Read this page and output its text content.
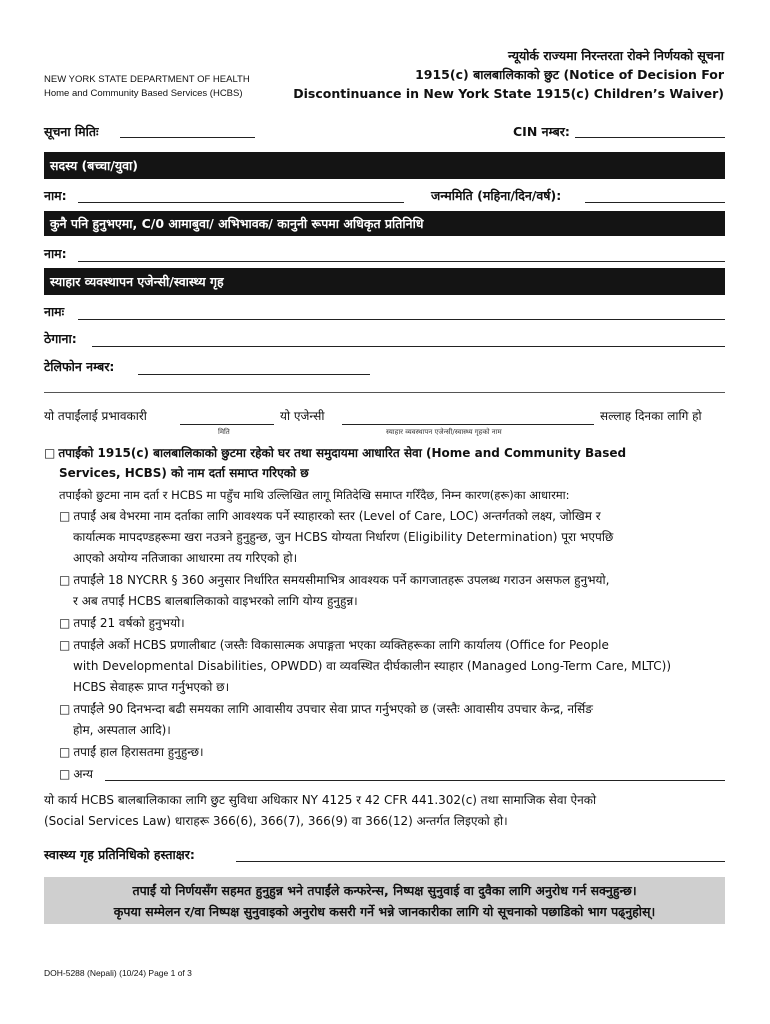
NEW YORK STATE DEPARTMENT OF HEALTH
Home and Community Based Services (HCBS)
न्यूयोर्क राज्यमा निरन्तरता रोक्ने निर्णयको सूचना
1915(c) बालबालिकाको छुट (Notice of Decision For
Discontinuance in New York State 1915(c) Children’s Waiver)
सूचना मितिः	CIN नम्बर:
सदस्य (बच्चा/युवा)
नाम:	जन्ममिति (महिना/दिन/वर्ष):
कुनै पनि हुनुभएमा, C/0 आमाबुवा/ अभिभावक/ कानुनी रूपमा अधिकृत प्रतिनिधि
नाम:
स्याहार व्यवस्थापन एजेन्सी/स्वास्थ्य गृह
नामः
ठेगाना:
टेलिफोन नम्बर:
यो तपाईंलाई प्रभावकारी	यो एजेन्सी	सल्लाह दिनका लागि हो
मिति	स्याहार व्यवस्थापन एजेन्सी/स्वास्थ्य गृहको नाम
□ तपाईंको 1915(c) बालबालिकाको छुटमा रहेको घर तथा समुदायमा आधारित सेवा (Home and Community Based
Services, HCBS) को नाम दर्ता समाप्त गरिएको छ
तपाईंको छुटमा नाम दर्ता र HCBS मा पहुँच माथि उल्लिखित लागू मितिदेखि समाप्त गरिँदैछ, निम्न कारण(हरू)का आधारमा:
□ तपाईं अब वेभरमा नाम दर्ताका लागि आवश्यक पर्ने स्याहारको स्तर (Level of Care, LOC) अन्तर्गतको लक्ष्य, जोखिम र
कार्यात्मक मापदण्डहरूमा खरा नउत्रने हुनुहुन्छ, जुन HCBS योग्यता निर्धारण (Eligibility Determination) पूरा भएपछि
आएको अयोग्य नतिजाका आधारमा तय गरिएको हो।
□ तपाईंले 18 NYCRR § 360 अनुसार निर्धारित समयसीमाभित्र आवश्यक पर्ने कागजातहरू उपलब्ध गराउन असफल हुनुभयो,
र अब तपाईं HCBS बालबालिकाको वाइभरको लागि योग्य हुनुहुन्न।
□ तपाईं 21 वर्षको हुनुभयो।
□ तपाईंले अर्को HCBS प्रणालीबाट (जस्तैः विकासात्मक अपाङ्गता भएका व्यक्तिहरूका लागि कार्यालय (Office for People
with Developmental Disabilities, OPWDD) वा व्यवस्थित दीर्घकालीन स्याहार (Managed Long-Term Care, MLTC))
HCBS सेवाहरू प्राप्त गर्नुभएको छ।
□ तपाईंले 90 दिनभन्दा बढी समयका लागि आवासीय उपचार सेवा प्राप्त गर्नुभएको छ (जस्तैः आवासीय उपचार केन्द्र, नर्सिङ
होम, अस्पताल आदि)।
□ तपाईं हाल हिरासतमा हुनुहुन्छ।
□ अन्य
यो कार्य HCBS बालबालिकाका लागि छुट सुविधा अधिकार NY 4125 र 42 CFR 441.302(c) तथा सामाजिक सेवा ऐनको
(Social Services Law) धाराहरू 366(6), 366(7), 366(9) वा 366(12) अन्तर्गत लिइएको हो।
स्वास्थ्य गृह प्रतिनिधिको हस्ताक्षर:
तपाईं यो निर्णयसँग सहमत हुनुहुन्न भने तपाईंले कन्फरेन्स, निष्पक्ष सुनुवाई वा दुवैका लागि अनुरोध गर्न सक्नुहुन्छ।
कृपया सम्मेलन र/वा निष्पक्ष सुनुवाइको अनुरोध कसरी गर्ने भन्ने जानकारीका लागि यो सूचनाको पछाडिको भाग पढ्नुहोस्।
DOH-5288 (Nepali) (10/24) Page 1 of 3
